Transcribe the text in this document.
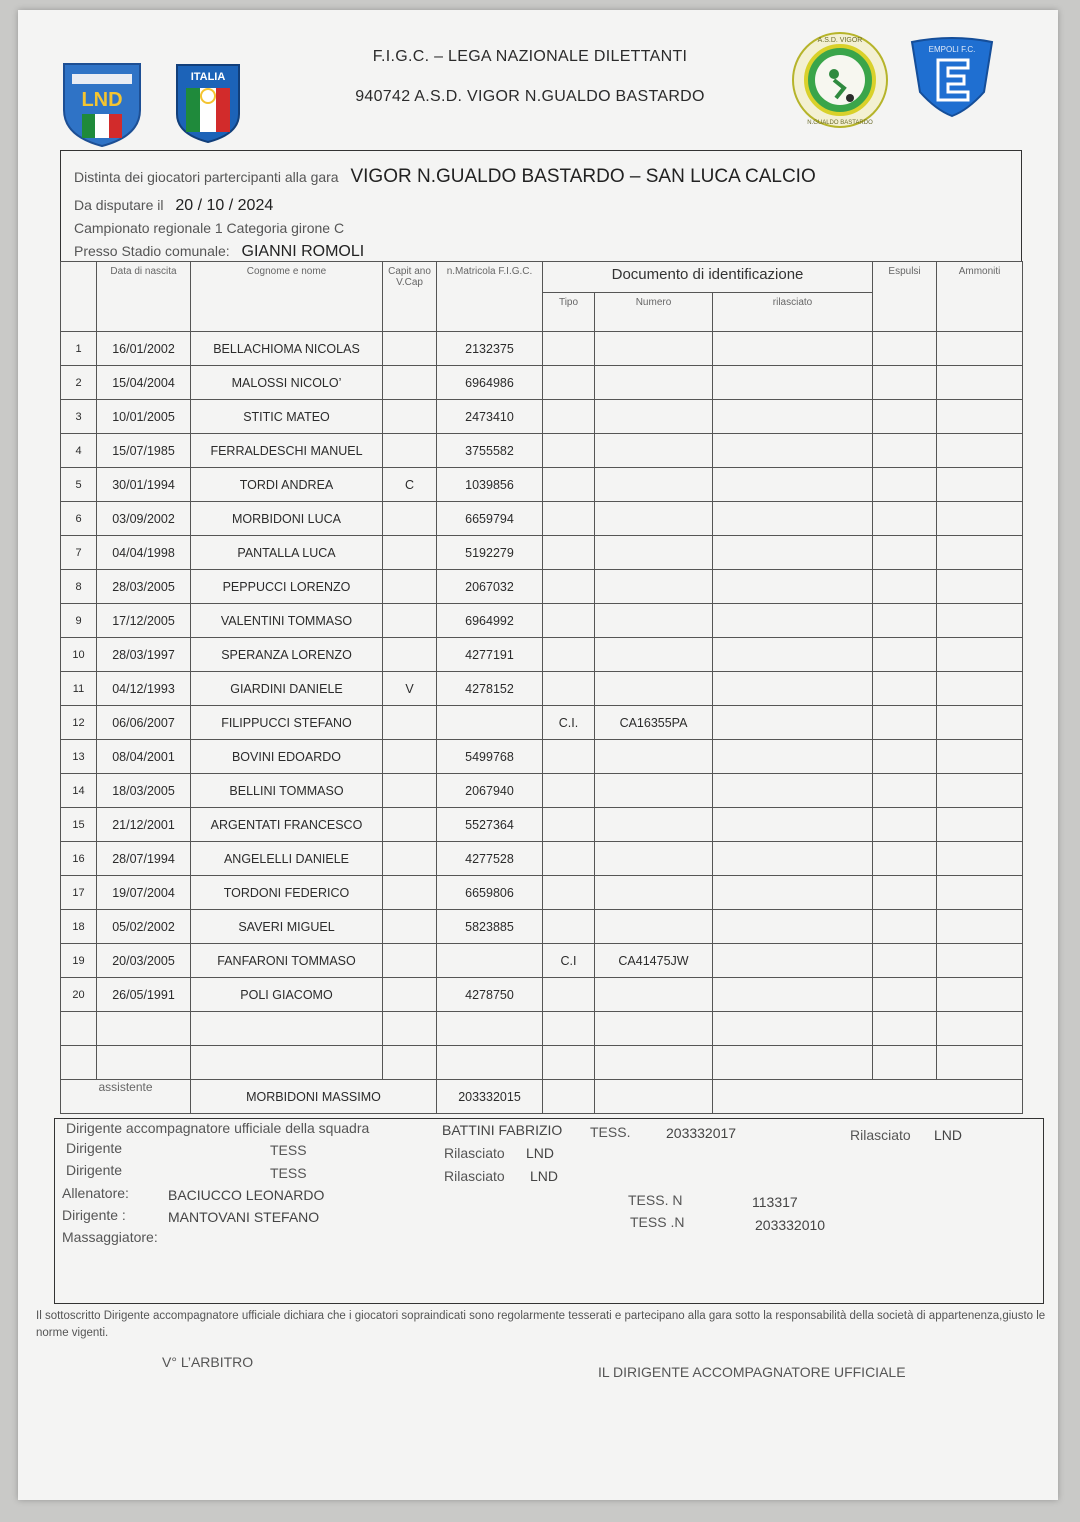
LND
ITALIA
A.S.D. VIGOR
N.GUALDO BASTARDO
EMPOLI F.C.
F.I.G.C. – LEGA NAZIONALE DILETTANTI
940742 A.S.D. VIGOR N.GUALDO BASTARDO
Distinta dei giocatori partercipanti alla gara VIGOR N.GUALDO BASTARDO – SAN LUCA CALCIO
Da disputare il 20 / 10 / 2024
Campionato regionale 1 Categoria girone C
Presso Stadio comunale: GIANNI ROMOLI
	Data di nascita	Cognome e nome	Capit ano V.Cap	n.Matricola F.I.G.C.	Documento di identificazione			Espulsi	Ammoniti
					Tipo	Numero	rilasciato		
1	16/01/2002	BELLACHIOMA NICOLAS		2132375					
2	15/04/2004	MALOSSI NICOLO’		6964986					
3	10/01/2005	STITIC MATEO		2473410					
4	15/07/1985	FERRALDESCHI MANUEL		3755582					
5	30/01/1994	TORDI ANDREA	C	1039856					
6	03/09/2002	MORBIDONI LUCA		6659794					
7	04/04/1998	PANTALLA LUCA		5192279					
8	28/03/2005	PEPPUCCI LORENZO		2067032					
9	17/12/2005	VALENTINI TOMMASO		6964992					
10	28/03/1997	SPERANZA LORENZO		4277191					
11	04/12/1993	GIARDINI DANIELE	V	4278152					
12	06/06/2007	FILIPPUCCI STEFANO			C.I.	CA16355PA			
13	08/04/2001	BOVINI EDOARDO		5499768					
14	18/03/2005	BELLINI TOMMASO		2067940					
15	21/12/2001	ARGENTATI FRANCESCO		5527364					
16	28/07/1994	ANGELELLI DANIELE		4277528					
17	19/07/2004	TORDONI FEDERICO		6659806					
18	05/02/2002	SAVERI MIGUEL		5823885					
19	20/03/2005	FANFARONI TOMMASO			C.I	CA41475JW			
20	26/05/1991	POLI GIACOMO		4278750					

assistente		MORBIDONI MASSIMO		203332015					
Dirigente accompagnatore ufficiale della squadra	BATTINI FABRIZIO TESS.	203332017	Rilasciato LND
Dirigente	TESS	Rilasciato LND
Dirigente	TESS	Rilasciato LND
Allenatore:	BACIUCCO LEONARDO	TESS. N	113317
Dirigente :	MANTOVANI STEFANO	TESS .N	203332010
Massaggiatore:
Il sottoscritto Dirigente accompagnatore ufficiale dichiara che i giocatori sopraindicati sono regolarmente tesserati e partecipano alla gara sotto la responsabilità della società di appartenenza,giusto le norme vigenti.
V° L’ARBITRO
IL DIRIGENTE ACCOMPAGNATORE UFFICIALE
